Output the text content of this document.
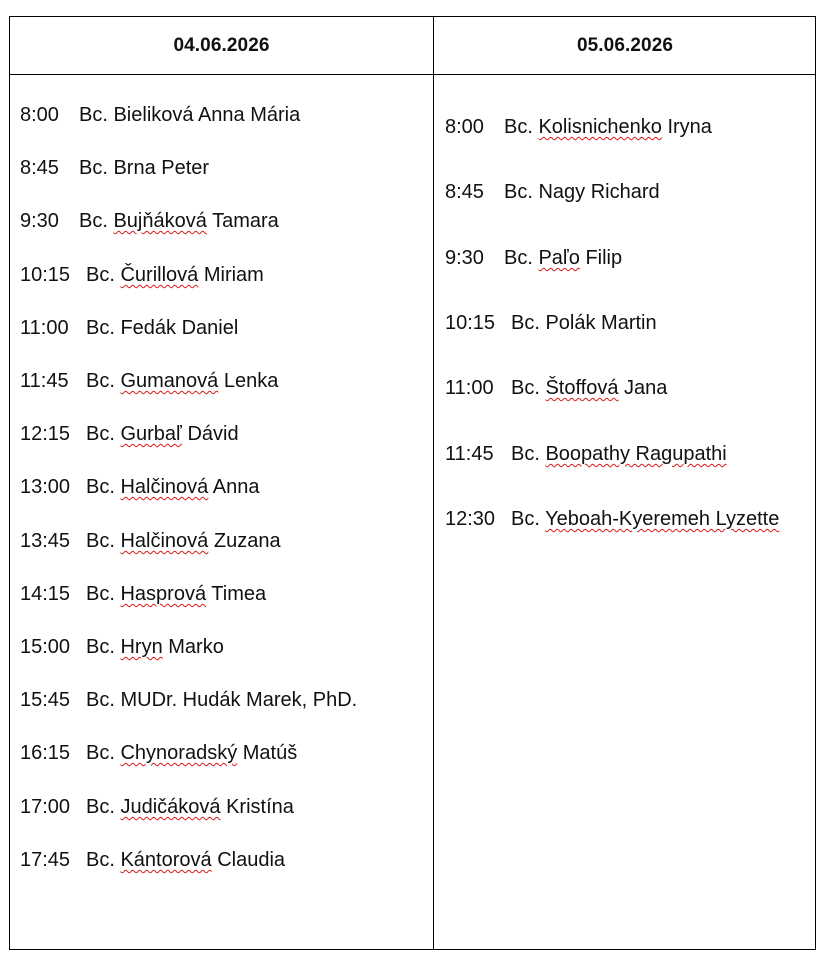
04.06.2026	05.06.2026
8:00 Bc. Bieliková Anna Mária
8:45 Bc. Brna Peter
9:30 Bc. Bujňáková Tamara
10:15 Bc. Čurillová Miriam
11:00 Bc. Fedák Daniel
11:45 Bc. Gumanová Lenka
12:15 Bc. Gurbaľ Dávid
13:00 Bc. Halčinová Anna
13:45 Bc. Halčinová Zuzana
14:15 Bc. Hasprová Timea
15:00 Bc. Hryn Marko
15:45 Bc. MUDr. Hudák Marek, PhD.
16:15 Bc. Chynoradský Matúš
17:00 Bc. Judičáková Kristína
17:45 Bc. Kántorová Claudia
8:00 Bc. Kolisnichenko Iryna
8:45 Bc. Nagy Richard
9:30 Bc. Paľo Filip
10:15 Bc. Polák Martin
11:00 Bc. Štoffová Jana
11:45 Bc. Boopathy Ragupathi
12:30 Bc. Yeboah-Kyeremeh Lyzette
